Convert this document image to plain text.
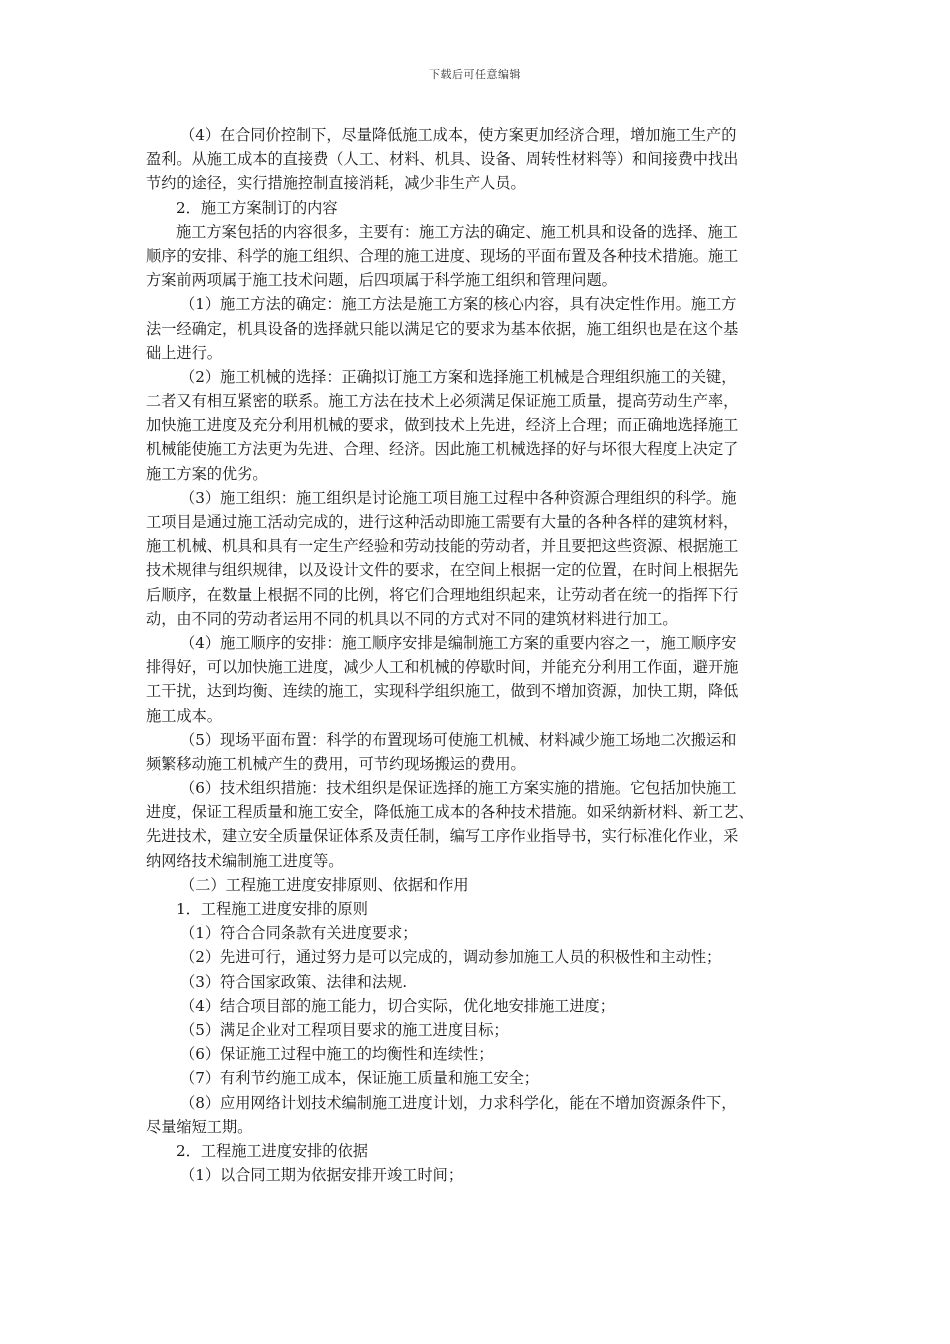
下载后可任意编辑
（4）在合同价控制下，尽量降低施工成本，使方案更加经济合理，增加施工生产的
盈利。从施工成本的直接费（人工、材料、机具、设备、周转性材料等）和间接费中找出
节约的途径，实行措施控制直接消耗，减少非生产人员。
2．施工方案制订的内容
施工方案包括的内容很多，主要有：施工方法的确定、施工机具和设备的选择、施工
顺序的安排、科学的施工组织、合理的施工进度、现场的平面布置及各种技术措施。施工
方案前两项属于施工技术问题，后四项属于科学施工组织和管理问题。
（1）施工方法的确定：施工方法是施工方案的核心内容，具有决定性作用。施工方
法一经确定，机具设备的选择就只能以满足它的要求为基本依据，施工组织也是在这个基
础上进行。
（2）施工机械的选择：正确拟订施工方案和选择施工机械是合理组织施工的关键，
二者又有相互紧密的联系。施工方法在技术上必须满足保证施工质量，提高劳动生产率，
加快施工进度及充分利用机械的要求，做到技术上先进，经济上合理；而正确地选择施工
机械能使施工方法更为先进、合理、经济。因此施工机械选择的好与坏很大程度上决定了
施工方案的优劣。
（3）施工组织：施工组织是讨论施工项目施工过程中各种资源合理组织的科学。施
工项目是通过施工活动完成的，进行这种活动即施工需要有大量的各种各样的建筑材料，
施工机械、机具和具有一定生产经验和劳动技能的劳动者，并且要把这些资源、根据施工
技术规律与组织规律，以及设计文件的要求，在空间上根据一定的位置，在时间上根据先
后顺序，在数量上根据不同的比例，将它们合理地组织起来，让劳动者在统一的指挥下行
动，由不同的劳动者运用不同的机具以不同的方式对不同的建筑材料进行加工。
（4）施工顺序的安排：施工顺序安排是编制施工方案的重要内容之一，施工顺序安
排得好，可以加快施工进度，减少人工和机械的停歇时间，并能充分利用工作面，避开施
工干扰，达到均衡、连续的施工，实现科学组织施工，做到不增加资源，加快工期，降低
施工成本。
（5）现场平面布置：科学的布置现场可使施工机械、材料减少施工场地二次搬运和
频繁移动施工机械产生的费用，可节约现场搬运的费用。
（6）技术组织措施：技术组织是保证选择的施工方案实施的措施。它包括加快施工
进度，保证工程质量和施工安全，降低施工成本的各种技术措施。如采纳新材料、新工艺、
先进技术，建立安全质量保证体系及责任制，编写工序作业指导书，实行标准化作业，采
纳网络技术编制施工进度等。
（二）工程施工进度安排原则、依据和作用
1．工程施工进度安排的原则
（1）符合合同条款有关进度要求；
（2）先进可行，通过努力是可以完成的，调动参加施工人员的积极性和主动性；
（3）符合国家政策、法律和法规.
（4）结合项目部的施工能力，切合实际，优化地安排施工进度；
（5）满足企业对工程项目要求的施工进度目标；
（6）保证施工过程中施工的均衡性和连续性；
（7）有利节约施工成本，保证施工质量和施工安全；
（8）应用网络计划技术编制施工进度计划，力求科学化，能在不增加资源条件下，
尽量缩短工期。
2．工程施工进度安排的依据
（1）以合同工期为依据安排开竣工时间；
